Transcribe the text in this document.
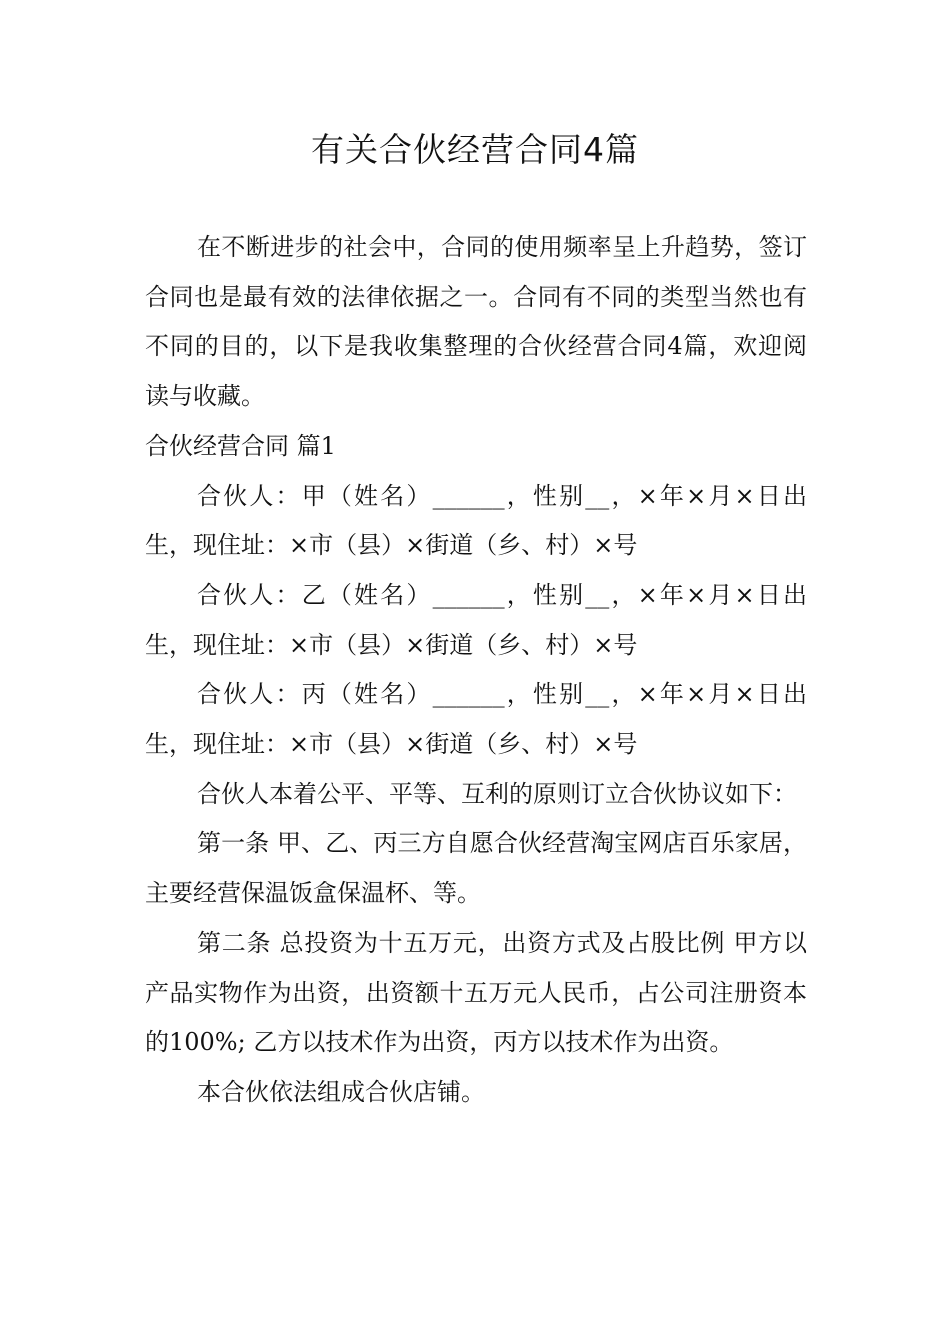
有关合伙经营合同4篇

在不断进步的社会中，合同的使用频率呈上升趋势，签订合同也是最有效的法律依据之一。合同有不同的类型当然也有不同的目的，以下是我收集整理的合伙经营合同4篇，欢迎阅读与收藏。

合伙经营合同 篇1

合伙人：甲（姓名）______，性别__，×年×月×日出生，现住址：×市（县）×街道（乡、村）×号

合伙人：乙（姓名）______，性别__，×年×月×日出生，现住址：×市（县）×街道（乡、村）×号

合伙人：丙（姓名）______，性别__，×年×月×日出生，现住址：×市（县）×街道（乡、村）×号

合伙人本着公平、平等、互利的原则订立合伙协议如下：

第一条 甲、乙、丙三方自愿合伙经营淘宝网店百乐家居，主要经营保温饭盒保温杯、等。

第二条 总投资为十五万元，出资方式及占股比例 甲方以产品实物作为出资，出资额十五万元人民币，占公司注册资本的100%; 乙方以技术作为出资，丙方以技术作为出资。

本合伙依法组成合伙店铺。
